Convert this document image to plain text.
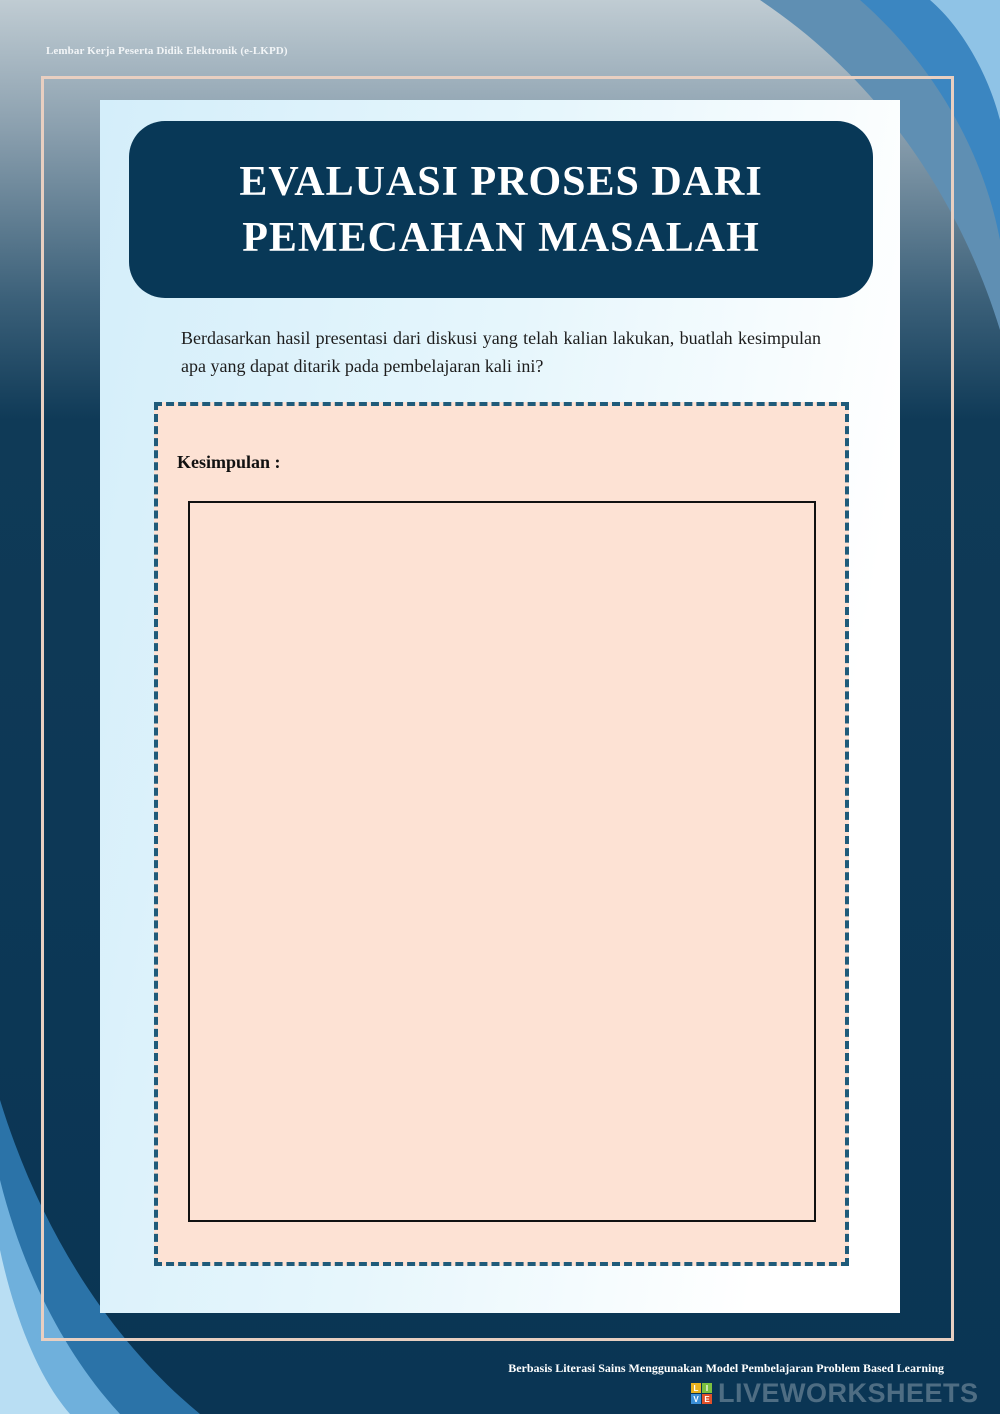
Lembar Kerja Peserta Didik Elektronik (e-LKPD)
EVALUASI PROSES DARI
PEMECAHAN MASALAH
Berdasarkan hasil presentasi dari diskusi yang telah kalian lakukan, buatlah kesimpulan apa yang dapat ditarik pada pembelajaran kali ini?
Kesimpulan :
Berbasis Literasi Sains Menggunakan Model Pembelajaran Problem Based Learning
L I
V E LIVEWORKSHEETS
